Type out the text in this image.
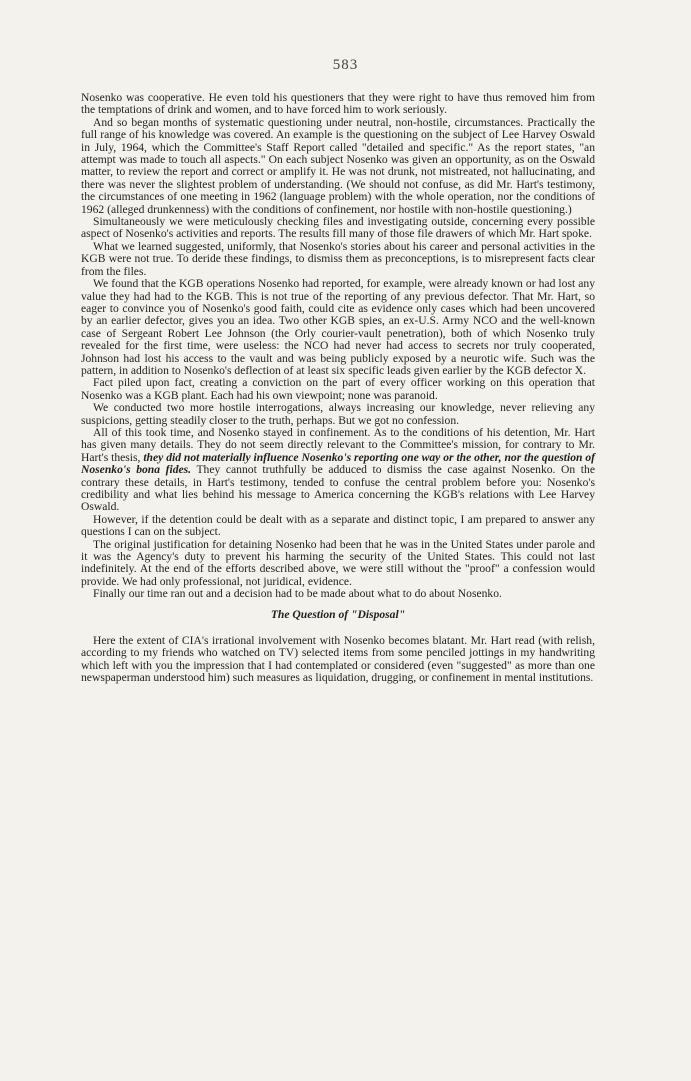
583

Nosenko was cooperative. He even told his questioners that they were right to have thus removed him from the temptations of drink and women, and to have forced him to work seriously.

And so began months of systematic questioning under neutral, non-hostile, circumstances. Practically the full range of his knowledge was covered. An example is the questioning on the subject of Lee Harvey Oswald in July, 1964, which the Committee's Staff Report called "detailed and specific." As the report states, "an attempt was made to touch all aspects." On each subject Nosenko was given an opportunity, as on the Oswald matter, to review the report and correct or amplify it. He was not drunk, not mistreated, not hallucinating, and there was never the slightest problem of understanding. (We should not confuse, as did Mr. Hart's testimony, the circumstances of one meeting in 1962 (language problem) with the whole operation, nor the conditions of 1962 (alleged drunkenness) with the conditions of confinement, nor hostile with non-hostile questioning.)

Simultaneously we were meticulously checking files and investigating outside, concerning every possible aspect of Nosenko's activities and reports. The results fill many of those file drawers of which Mr. Hart spoke.

What we learned suggested, uniformly, that Nosenko's stories about his career and personal activities in the KGB were not true. To deride these findings, to dismiss them as preconceptions, is to misrepresent facts clear from the files.

We found that the KGB operations Nosenko had reported, for example, were already known or had lost any value they had had to the KGB. This is not true of the reporting of any previous defector. That Mr. Hart, so eager to convince you of Nosenko's good faith, could cite as evidence only cases which had been uncovered by an earlier defector, gives you an idea. Two other KGB spies, an ex-U.S. Army NCO and the well-known case of Sergeant Robert Lee Johnson (the Orly courier-vault penetration), both of which Nosenko truly revealed for the first time, were useless: the NCO had never had access to secrets nor truly cooperated, Johnson had lost his access to the vault and was being publicly exposed by a neurotic wife. Such was the pattern, in addition to Nosenko's deflection of at least six specific leads given earlier by the KGB defector X.

Fact piled upon fact, creating a conviction on the part of every officer working on this operation that Nosenko was a KGB plant. Each had his own viewpoint; none was paranoid.

We conducted two more hostile interrogations, always increasing our knowledge, never relieving any suspicions, getting steadily closer to the truth, perhaps. But we got no confession.

All of this took time, and Nosenko stayed in confinement. As to the conditions of his detention, Mr. Hart has given many details. They do not seem directly relevant to the Committee's mission, for contrary to Mr. Hart's thesis, they did not materially influence Nosenko's reporting one way or the other, nor the question of Nosenko's bona fides. They cannot truthfully be adduced to dismiss the case against Nosenko. On the contrary these details, in Hart's testimony, tended to confuse the central problem before you: Nosenko's credibility and what lies behind his message to America concerning the KGB's relations with Lee Harvey Oswald.

However, if the detention could be dealt with as a separate and distinct topic, I am prepared to answer any questions I can on the subject.

The original justification for detaining Nosenko had been that he was in the United States under parole and it was the Agency's duty to prevent his harming the security of the United States. This could not last indefinitely. At the end of the efforts described above, we were still without the "proof" a confession would provide. We had only professional, not juridical, evidence.

Finally our time ran out and a decision had to be made about what to do about Nosenko.

The Question of "Disposal"

Here the extent of CIA's irrational involvement with Nosenko becomes blatant. Mr. Hart read (with relish, according to my friends who watched on TV) selected items from some penciled jottings in my handwriting which left with you the impression that I had contemplated or considered (even "suggested" as more than one newspaperman understood him) such measures as liquidation, drugging, or confinement in mental institutions.
